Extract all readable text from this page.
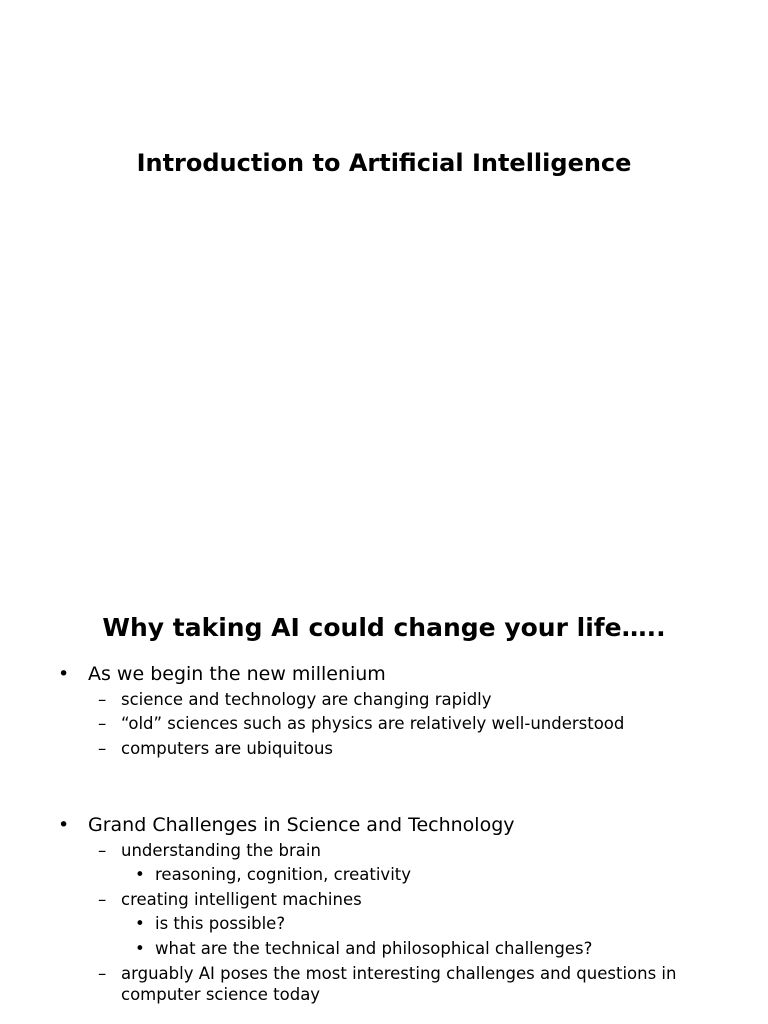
Introduction to Artificial Intelligence
Why taking AI could change your life…..
• As we begin the new millenium
– science and technology are changing rapidly
– “old” sciences such as physics are relatively well-understood
– computers are ubiquitous
• Grand Challenges in Science and Technology
– understanding the brain
• reasoning, cognition, creativity
– creating intelligent machines
• is this possible?
• what are the technical and philosophical challenges?
– arguably AI poses the most interesting challenges and questions in computer science today
